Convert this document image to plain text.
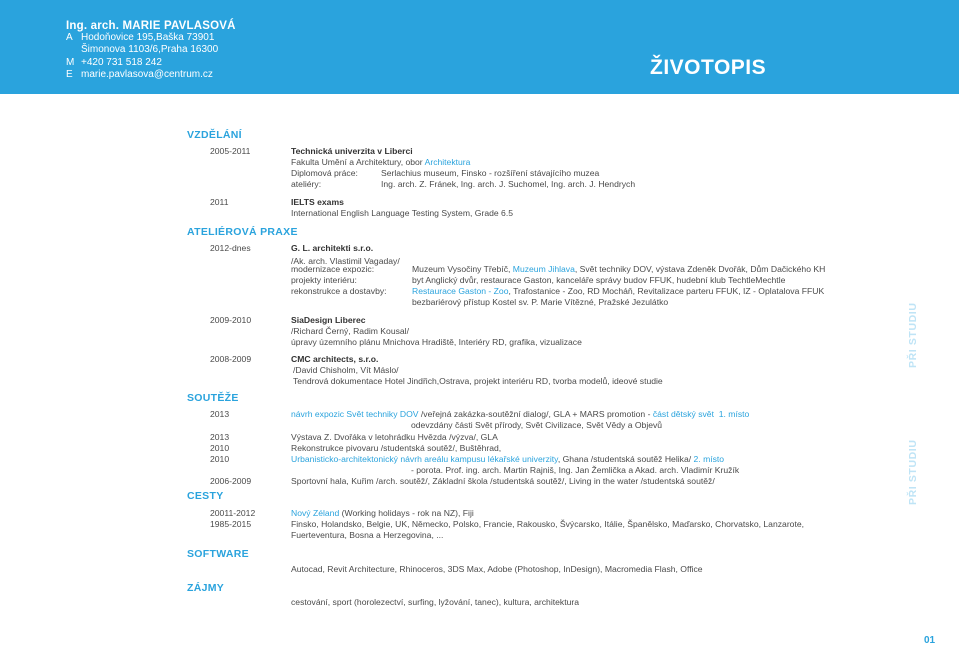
Ing. arch. MARIE PAVLASOVÁ
A Hodoňovice 195,Baška 73901
Šimonova 1103/6,Praha 16300
M +420 731 518 242
E marie.pavlasova@centrum.cz	ŽIVOTOPIS
VZDĚLÁNÍ
2005-2011	Technická univerzita v Liberci
Fakulta Umění a Architektury, obor Architektura
Diplomová práce:	Serlachius museum, Finsko - rozšíření stávajícího muzea
ateliéry:	Ing. arch. Z. Fránek, Ing. arch. J. Suchomel, Ing. arch. J. Hendrych
2011	IELTS exams
International English Language Testing System, Grade 6.5
ATELIÉROVÁ PRAXE
2012-dnes	G. L. architekti s.r.o.
/Ak. arch. Vlastimil Vagaday/
modernizace expozic:	Muzeum Vysočiny Třebíč, Muzeum Jihlava, Svět techniky DOV, výstava Zdeněk Dvořák, Dům Dačického KH
projekty interiéru:	byt Anglický dvůr, restaurace Gaston, kanceláře správy budov FFUK, hudební klub TechtleMechtle
rekonstrukce a dostavby:	Restaurace Gaston - Zoo, Trafostanice - Zoo, RD Mocháň, Revitalizace parteru FFUK, IZ - Oplatalova FFUK
bezbariérový přístup Kostel sv. P. Marie Vítězné, Pražské Jezulátko
2009-2010	SiaDesign Liberec
/Richard Černý, Radim Kousal/
úpravy územního plánu Mnichova Hradiště, Interiéry RD, grafika, vizualizace
2008-2009	CMC architects, s.r.o.
/David Chisholm, Vít Máslo/
Tendrová dokumentace Hotel Jindřich,Ostrava, projekt interiéru RD, tvorba modelů, ideové studie
SOUTĚŽE
2013	návrh expozic Svět techniky DOV /veřejná zakázka-soutěžní dialog/, GLA + MARS promotion - část dětský svět 1. místo
odevzdány části Svět přírody, Svět Civilizace, Svět Vědy a Objevů
2013	Výstava Z. Dvořáka v letohrádku Hvězda /výzva/, GLA
2010	Rekonstrukce pivovaru /studentská soutěž/, Buštěhrad,
2010	Urbanisticko-architektonický návrh areálu kampusu lékařské univerzity, Ghana /studentská soutěž Helika/ 2. místo
- porota. Prof. ing. arch. Martin Rajniš, Ing. Jan Žemlička a Akad. arch. Vladimír Kružík
2006-2009	Sportovní hala, Kuřim /arch. soutěž/, Základní škola /studentská soutěž/, Living in the water /studentská soutěž/
CESTY
20011-2012	Nový Zéland (Working holidays - rok na NZ), Fiji
1985-2015	Finsko, Holandsko, Belgie, UK, Německo, Polsko, Francie, Rakousko, Švýcarsko, Itálie, Španělsko, Maďarsko, Chorvatsko, Lanzarote,
Fuerteventura, Bosna a Herzegovina, ...
SOFTWARE
Autocad, Revit Architecture, Rhinoceros, 3DS Max, Adobe (Photoshop, InDesign), Macromedia Flash, Office
ZÁJMY
cestování, sport (horolezectví, surfing, lyžování, tanec), kultura, architektura
PŘI STUDIU
PŘI STUDIU
01
